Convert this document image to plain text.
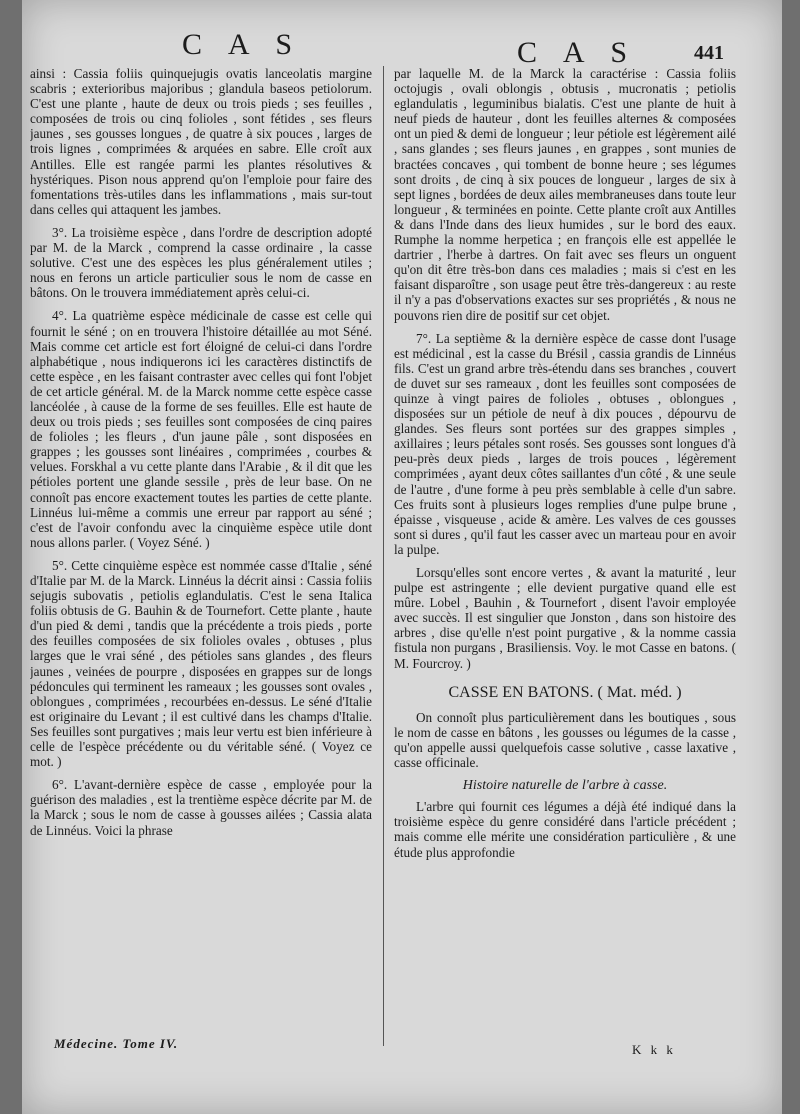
C A S	C A S	441

ainsi : Cassia foliis quinquejugis ovatis lanceolatis margine scabris ; exterioribus majoribus ; glandula baseos petiolorum. C'est une plante , haute de deux ou trois pieds ; ses feuilles , composées de trois ou cinq folioles , sont fétides , ses fleurs jaunes , ses gousses longues , de quatre à six pouces , larges de trois lignes , comprimées & arquées en sabre. Elle croît aux Antilles. Elle est rangée parmi les plantes résolutives & hystériques. Pison nous apprend qu'on l'emploie pour faire des fomentations très-utiles dans les inflammations , mais sur-tout dans celles qui attaquent les jambes.

3°. La troisième espèce , dans l'ordre de description adopté par M. de la Marck , comprend la casse ordinaire , la casse solutive. C'est une des espèces les plus généralement utiles ; nous en ferons un article particulier sous le nom de casse en bâtons. On le trouvera immédiatement après celui-ci.

4°. La quatrième espèce médicinale de casse est celle qui fournit le séné ; on en trouvera l'histoire détaillée au mot Séné. Mais comme cet article est fort éloigné de celui-ci dans l'ordre alphabétique , nous indiquerons ici les caractères distinctifs de cette espèce , en les faisant contraster avec celles qui font l'objet de cet article général. M. de la Marck nomme cette espèce casse lancéolée , à cause de la forme de ses feuilles. Elle est haute de deux ou trois pieds ; ses feuilles sont composées de cinq paires de folioles ; les fleurs , d'un jaune pâle , sont disposées en grappes ; les gousses sont linéaires , comprimées , courbes & velues. Forskhal a vu cette plante dans l'Arabie , & il dit que les pétioles portent une glande sessile , près de leur base. On ne connoît pas encore exactement toutes les parties de cette plante. Linnéus lui-même a commis une erreur par rapport au séné ; c'est de l'avoir confondu avec la cinquième espèce utile dont nous allons parler. ( Voyez Séné. )

5°. Cette cinquième espèce est nommée casse d'Italie , séné d'Italie par M. de la Marck. Linnéus la décrit ainsi : Cassia foliis sejugis subovatis , petiolis eglandulatis. C'est le sena Italica foliis obtusis de G. Bauhin & de Tournefort. Cette plante , haute d'un pied & demi , tandis que la précédente a trois pieds , porte des feuilles composées de six folioles ovales , obtuses , plus larges que le vrai séné , des pétioles sans glandes , des fleurs jaunes , veinées de pourpre , disposées en grappes sur de longs pédoncules qui terminent les rameaux ; les gousses sont ovales , oblongues , comprimées , recourbées en-dessus. Le séné d'Italie est originaire du Levant ; il est cultivé dans les champs d'Italie. Ses feuilles sont purgatives ; mais leur vertu est bien inférieure à celle de l'espèce précédente ou du véritable séné. ( Voyez ce mot. )

6°. L'avant-dernière espèce de casse , employée pour la guérison des maladies , est la trentième espèce décrite par M. de la Marck ; sous le nom de casse à gousses ailées ; Cassia alata de Linnéus. Voici la phrase

par laquelle M. de la Marck la caractérise : Cassia foliis octojugis , ovali oblongis , obtusis , mucronatis ; petiolis eglandulatis , leguminibus bialatis. C'est une plante de huit à neuf pieds de hauteur , dont les feuilles alternes & composées ont un pied & demi de longueur ; leur pétiole est légèrement ailé , sans glandes ; ses fleurs jaunes , en grappes , sont munies de bractées concaves , qui tombent de bonne heure ; ses légumes sont droits , de cinq à six pouces de longueur , larges de six à sept lignes , bordées de deux ailes membraneuses dans toute leur longueur , & terminées en pointe. Cette plante croît aux Antilles & dans l'Inde dans des lieux humides , sur le bord des eaux. Rumphe la nomme herpetica ; en françois elle est appellée le dartrier , l'herbe à dartres. On fait avec ses fleurs un onguent qu'on dit être très-bon dans ces maladies ; mais si c'est en les faisant disparoître , son usage peut être très-dangereux : au reste il n'y a pas d'observations exactes sur ses propriétés , & nous ne pouvons rien dire de positif sur cet objet.

7°. La septième & la dernière espèce de casse dont l'usage est médicinal , est la casse du Brésil , cassia grandis de Linnéus fils. C'est un grand arbre très-étendu dans ses branches , couvert de duvet sur ses rameaux , dont les feuilles sont composées de quinze à vingt paires de folioles , obtuses , oblongues , disposées sur un pétiole de neuf à dix pouces , dépourvu de glandes. Ses fleurs sont portées sur des grappes simples , axillaires ; leurs pétales sont rosés. Ses gousses sont longues d'à peu-près deux pieds , larges de trois pouces , légèrement comprimées , ayant deux côtes saillantes d'un côté , & une seule de l'autre , d'une forme à peu près semblable à celle d'un sabre. Ces fruits sont à plusieurs loges remplies d'une pulpe brune , épaisse , visqueuse , acide & amère. Les valves de ces gousses sont si dures , qu'il faut les casser avec un marteau pour en avoir la pulpe.

Lorsqu'elles sont encore vertes , & avant la maturité , leur pulpe est astringente ; elle devient purgative quand elle est mûre. Lobel , Bauhin , & Tournefort , disent l'avoir employée avec succès. Il est singulier que Jonston , dans son histoire des arbres , dise qu'elle n'est point purgative , & la nomme cassia fistula non purgans , Brasiliensis. Voy. le mot Casse en batons. ( M. Fourcroy. )

CASSE EN BATONS. ( Mat. méd. )

On connoît plus particulièrement dans les boutiques , sous le nom de casse en bâtons , les gousses ou légumes de la casse , qu'on appelle aussi quelquefois casse solutive , casse laxative , casse officinale.

Histoire naturelle de l'arbre à casse.

L'arbre qui fournit ces légumes a déjà été indiqué dans la troisième espèce du genre considéré dans l'article précédent ; mais comme elle mérite une considération particulière , & une étude plus approfondie

Médecine. Tome IV.	K k k
